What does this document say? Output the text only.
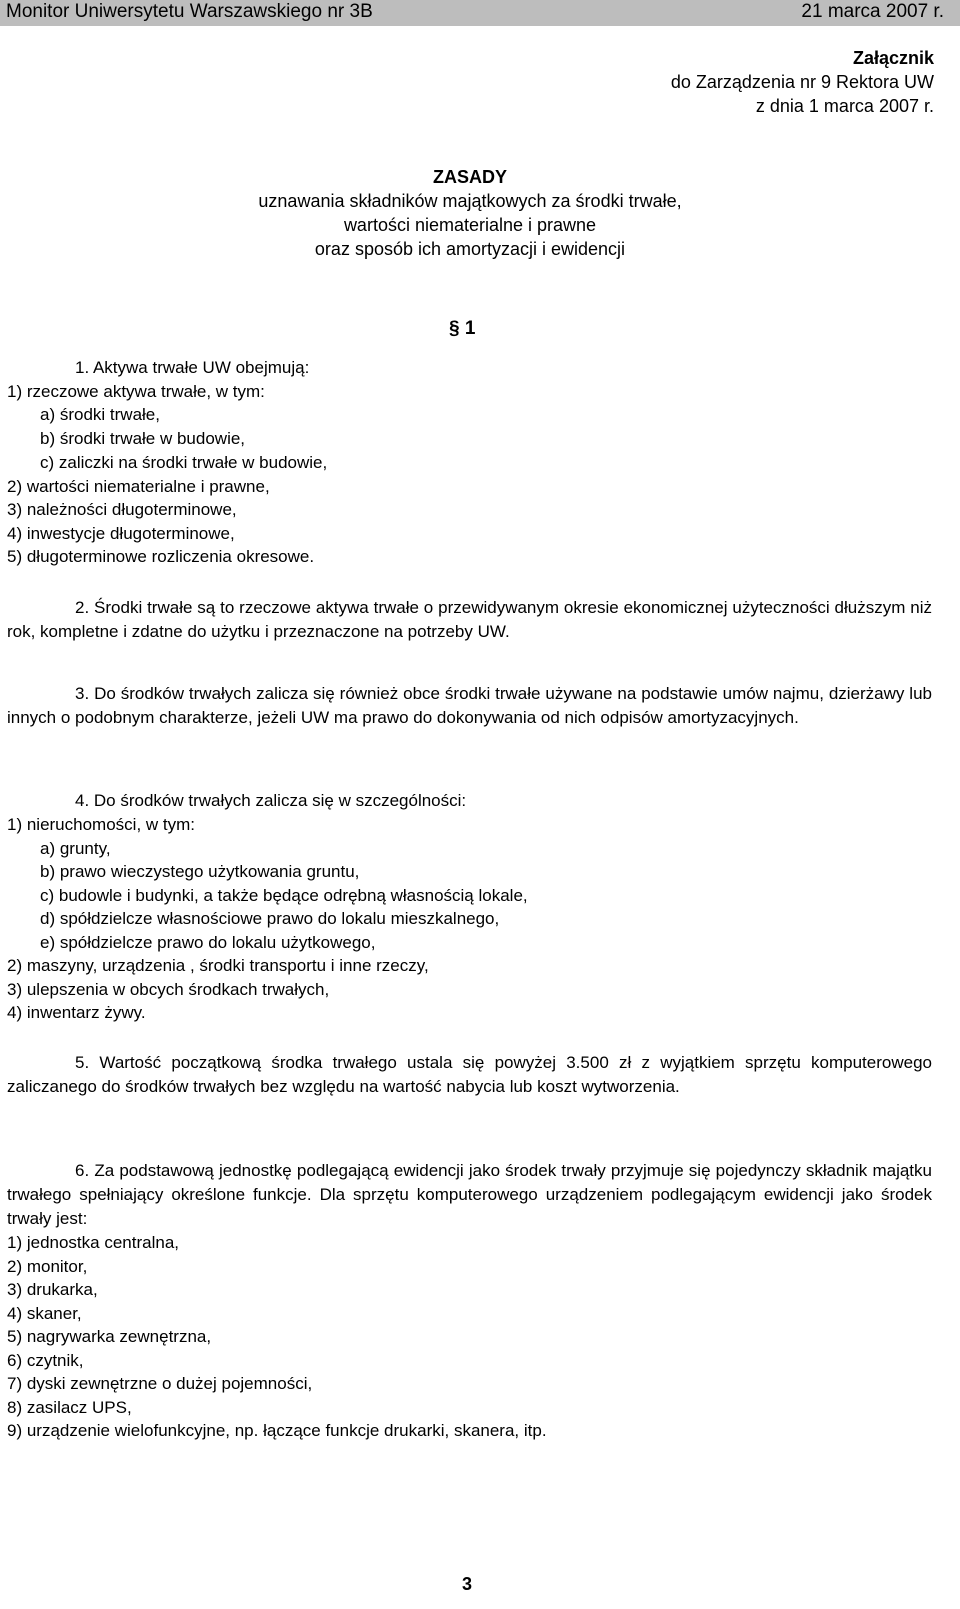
Monitor Uniwersytetu Warszawskiego nr 3B	21 marca 2007 r.
Załącznik
do Zarządzenia nr 9 Rektora UW
z dnia 1 marca 2007 r.
ZASADY
uznawania składników majątkowych za środki trwałe,
wartości niematerialne i prawne
oraz sposób ich amortyzacji i ewidencji
§ 1
1. Aktywa trwałe UW obejmują:
1) rzeczowe aktywa trwałe, w tym:
a) środki trwałe,
b) środki trwałe w budowie,
c) zaliczki na środki trwałe w budowie,
2) wartości niematerialne i prawne,
3) należności długoterminowe,
4) inwestycje długoterminowe,
5) długoterminowe rozliczenia okresowe.
2. Środki trwałe są to rzeczowe aktywa trwałe o przewidywanym okresie ekonomicznej użyteczności dłuższym niż rok, kompletne i zdatne do użytku i przeznaczone na potrzeby UW.
3. Do środków trwałych zalicza się również obce środki trwałe używane na podstawie umów najmu, dzierżawy lub innych o podobnym charakterze, jeżeli UW ma prawo do dokonywania od nich odpisów amortyzacyjnych.
4. Do środków trwałych zalicza się w szczególności:
1) nieruchomości, w tym:
a) grunty,
b) prawo wieczystego użytkowania gruntu,
c) budowle i budynki, a także będące odrębną własnością lokale,
d) spółdzielcze własnościowe prawo do lokalu mieszkalnego,
e) spółdzielcze prawo do lokalu użytkowego,
2) maszyny, urządzenia , środki transportu i inne rzeczy,
3) ulepszenia w obcych środkach trwałych,
4) inwentarz żywy.
5. Wartość początkową środka trwałego ustala się powyżej 3.500 zł z wyjątkiem sprzętu komputerowego zaliczanego do środków trwałych bez względu na wartość nabycia lub koszt wytworzenia.
6. Za podstawową jednostkę podlegającą ewidencji jako środek trwały przyjmuje się pojedynczy składnik majątku trwałego spełniający określone funkcje. Dla sprzętu komputerowego urządzeniem podlegającym ewidencji jako środek trwały jest:
1) jednostka centralna,
2) monitor,
3) drukarka,
4) skaner,
5) nagrywarka zewnętrzna,
6) czytnik,
7) dyski zewnętrzne o dużej pojemności,
8) zasilacz UPS,
9) urządzenie wielofunkcyjne, np. łączące funkcje drukarki, skanera, itp.
3
